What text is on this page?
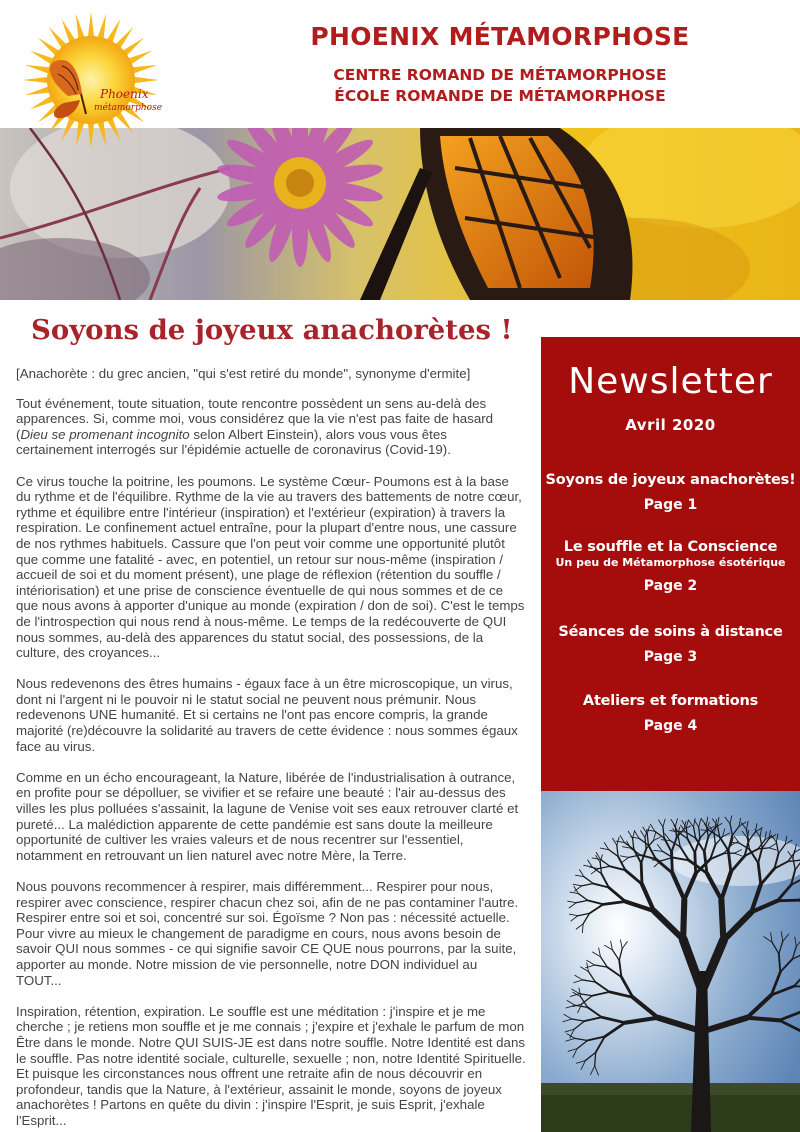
Phoenix
métamorphose
PHOENIX MÉTAMORPHOSE
CENTRE ROMAND DE MÉTAMORPHOSE
ÉCOLE ROMANDE DE MÉTAMORPHOSE
Soyons de joyeux anachorètes !

[Anachorète : du grec ancien, "qui s'est retiré du monde", synonyme d'ermite]

Tout événement, toute situation, toute rencontre possèdent un sens au-delà des apparences. Si, comme moi, vous considérez que la vie n'est pas faite de hasard (Dieu se promenant incognito selon Albert Einstein), alors vous vous êtes certainement interrogés sur l'épidémie actuelle de coronavirus (Covid-19).

Ce virus touche la poitrine, les poumons. Le système Cœur- Poumons est à la base du rythme et de l'équilibre. Rythme de la vie au travers des battements de notre cœur, rythme et équilibre entre l'intérieur (inspiration) et l'extérieur (expiration) à travers la respiration. Le confinement actuel entraîne, pour la plupart d'entre nous, une cassure de nos rythmes habituels. Cassure que l'on peut voir comme une opportunité plutôt que comme une fatalité - avec, en potentiel, un retour sur nous-même (inspiration / accueil de soi et du moment présent), une plage de réflexion (rétention du souffle / intériorisation) et une prise de conscience éventuelle de qui nous sommes et de ce que nous avons à apporter d'unique au monde (expiration / don de soi). C'est le temps de l'introspection qui nous rend à nous-même. Le temps de la redécouverte de QUI nous sommes, au-delà des apparences du statut social, des possessions, de la culture, des croyances...

Nous redevenons des êtres humains - égaux face à un être microscopique, un virus, dont ni l'argent ni le pouvoir ni le statut social ne peuvent nous prémunir. Nous redevenons UNE humanité. Et si certains ne l'ont pas encore compris, la grande majorité (re)découvre la solidarité au travers de cette évidence : nous sommes égaux face au virus.

Comme en un écho encourageant, la Nature, libérée de l'industrialisation à outrance, en profite pour se dépolluer, se vivifier et se refaire une beauté : l'air au-dessus des villes les plus polluées s'assainit, la lagune de Venise voit ses eaux retrouver clarté et pureté... La malédiction apparente de cette pandémie est sans doute la meilleure opportunité de cultiver les vraies valeurs et de nous recentrer sur l'essentiel, notamment en retrouvant un lien naturel avec notre Mère, la Terre.

Nous pouvons recommencer à respirer, mais différemment... Respirer pour nous, respirer avec conscience, respirer chacun chez soi, afin de ne pas contaminer l'autre. Respirer entre soi et soi, concentré sur soi. Égoïsme ? Non pas : nécessité actuelle. Pour vivre au mieux le changement de paradigme en cours, nous avons besoin de savoir QUI nous sommes - ce qui signifie savoir CE QUE nous pourrons, par la suite, apporter au monde. Notre mission de vie personnelle, notre DON individuel au TOUT...

Inspiration, rétention, expiration. Le souffle est une méditation : j'inspire et je me cherche ; je retiens mon souffle et je me connais ; j'expire et j'exhale le parfum de mon Être dans le monde. Notre QUI SUIS-JE est dans notre souffle. Notre Identité est dans le souffle. Pas notre identité sociale, culturelle, sexuelle ; non, notre Identité Spirituelle. Et puisque les circonstances nous offrent une retraite afin de nous découvrir en profondeur, tandis que la Nature, à l'extérieur, assainit le monde, soyons de joyeux anachorètes ! Partons en quête du divin : j'inspire l'Esprit, je suis Esprit, j'exhale l'Esprit...

Newsletter
Avril 2020
Soyons de joyeux anachorètes!
Page 1
Le souffle et la Conscience
Un peu de Métamorphose ésotérique
Page 2
Séances de soins à distance
Page 3
Ateliers et formations
Page 4
